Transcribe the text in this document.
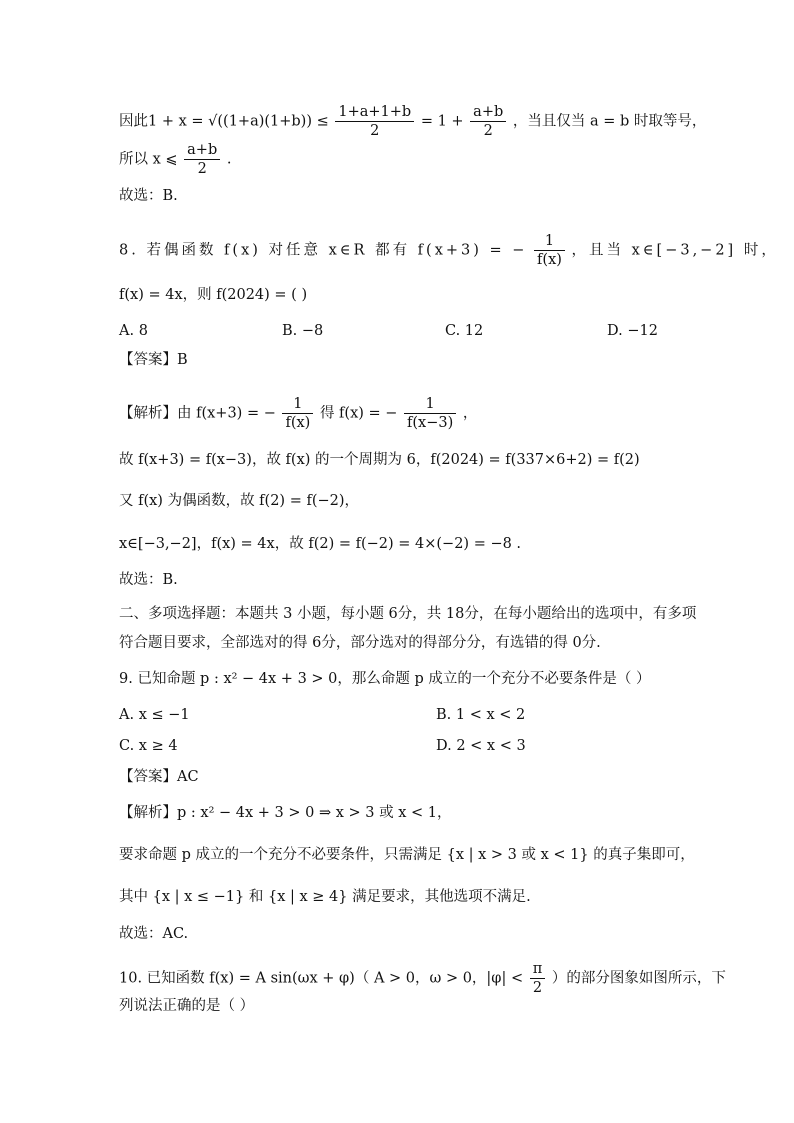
因此$1 + x = √((1+a)(1+b)) \le \frac{1+a+1+b}{2} = 1 + \frac{a+b}{2}$ ，当且仅当 a = b 时取等号，
所以 x ⩽ $\frac{a+b}{2}$ .
故选：B.
8. 若偶函数 f(x) 对任意 x∈R 都有 f(x+3) = − $\frac{1}{f(x)}$ ，且当 x∈[−3,−2] 时，
f(x) = 4x，则 f(2024) = ( )
A. 8	B. −8	C. 12	D. −12
【答案】B
【解析】由 f(x+3) = − $\frac{1}{f(x)}$ 得 f(x) = − $\frac{1}{f(x-3)}$ ，
故 f(x+3) = f(x−3)，故 f(x) 的一个周期为 6，f(2024) = f(337×6+2) = f(2)
又 f(x) 为偶函数，故 f(2) = f(−2)，
x∈[−3,−2]，f(x) = 4x，故 f(2) = f(−2) = 4×(−2) = −8 .
故选：B.
二、多项选择题：本题共 3 小题，每小题 6分，共 18分，在每小题给出的选项中，有多项
符合题目要求，全部选对的得 6分，部分选对的得部分分，有选错的得 0分.
9. 已知命题 p : x² − 4x + 3 > 0，那么命题 p 成立的一个充分不必要条件是（ ）
A. x ≤ −1	B. 1 < x < 2
C. x ≥ 4	D. 2 < x < 3
【答案】AC
【解析】p : x² − 4x + 3 > 0 ⇒ x > 3 或 x < 1，
要求命题 p 成立的一个充分不必要条件，只需满足 {x | x > 3 或 x < 1} 的真子集即可，
其中 {x | x ≤ −1} 和 {x | x ≥ 4} 满足要求，其他选项不满足.
故选：AC.
10. 已知函数 f(x) = A sin(ωx + φ)（ A > 0，ω > 0，$|\varphi| < \frac{\pi}{2}$ ）的部分图象如图所示，下
列说法正确的是（ ）
